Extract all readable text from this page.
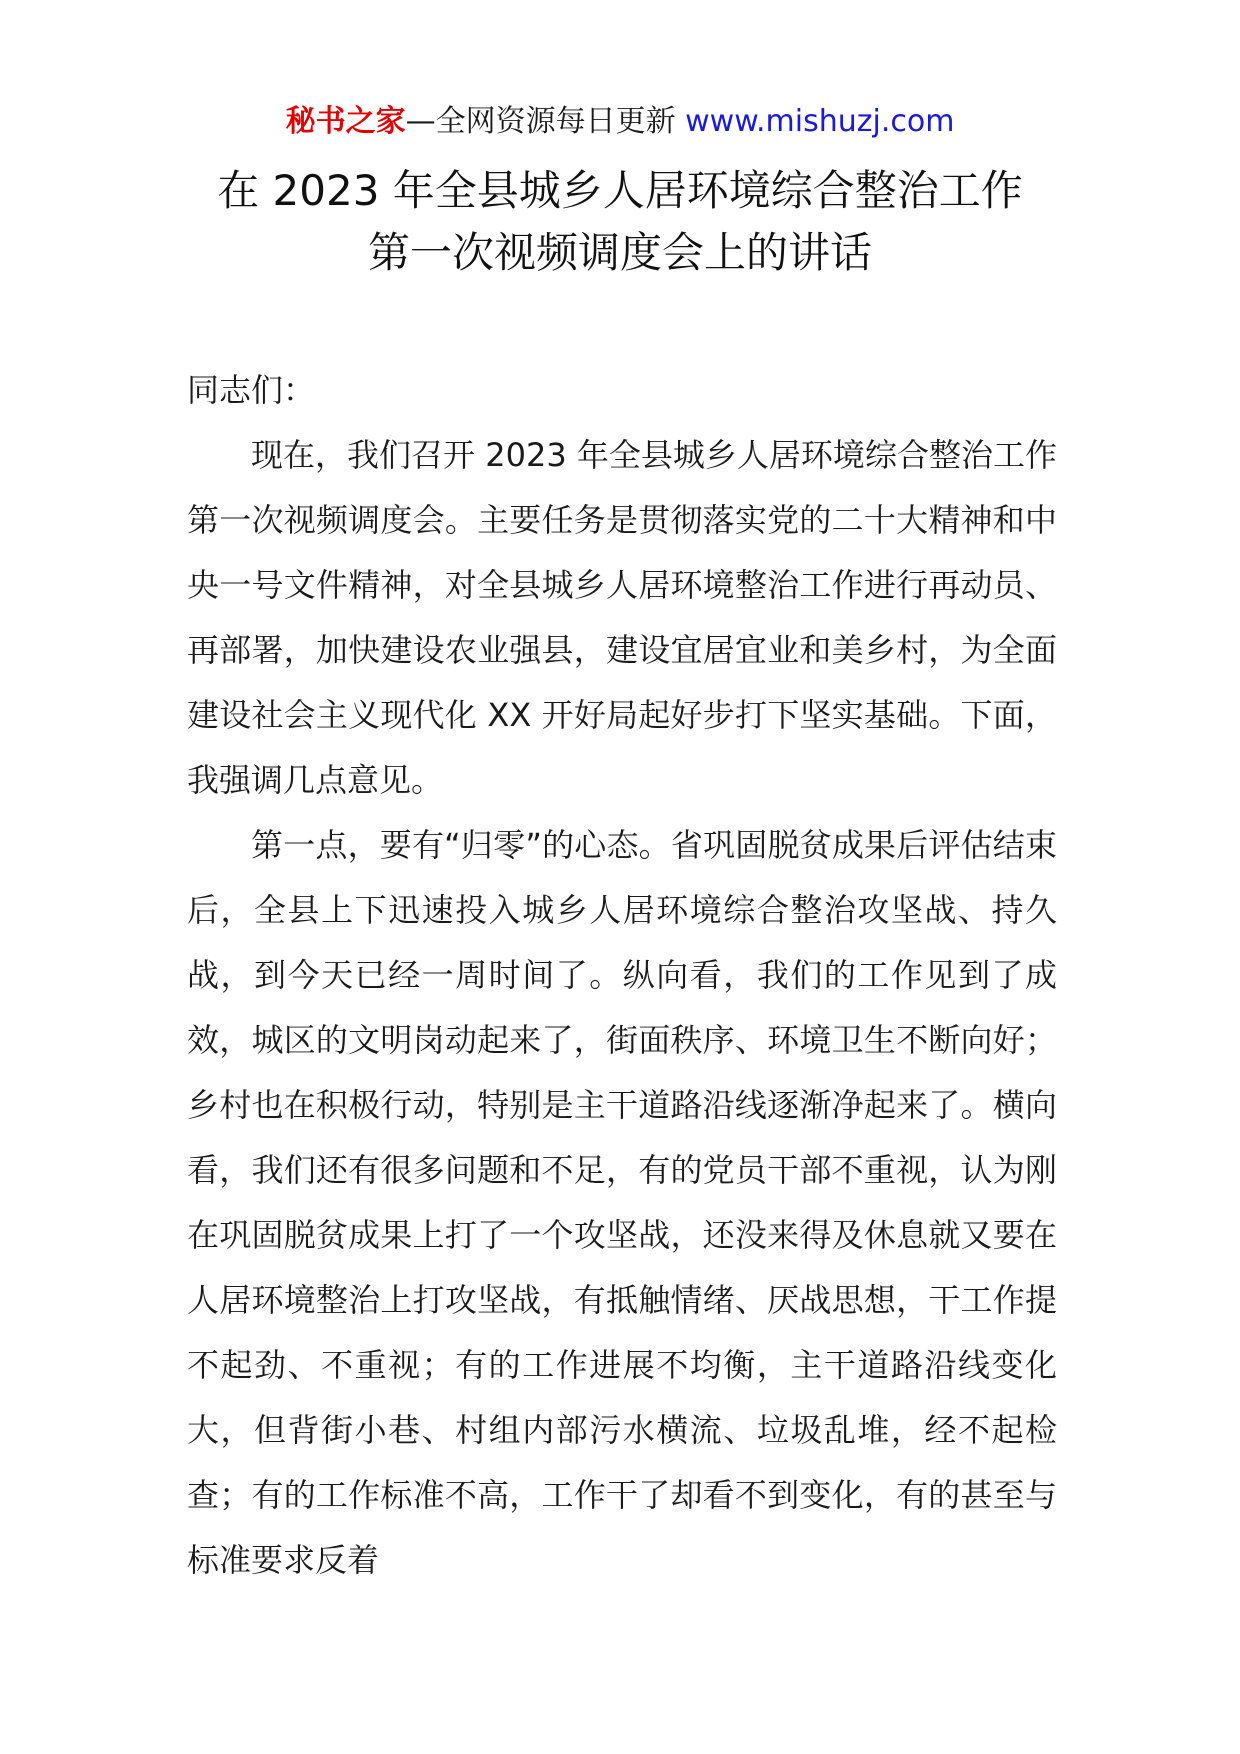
秘书之家—全网资源每日更新 www.mishuzj.com
在 2023 年全县城乡人居环境综合整治工作
第一次视频调度会上的讲话

同志们：

现在，我们召开 2023 年全县城乡人居环境综合整治工作第一次视频调度会。主要任务是贯彻落实党的二十大精神和中央一号文件精神，对全县城乡人居环境整治工作进行再动员、再部署，加快建设农业强县，建设宜居宜业和美乡村，为全面建设社会主义现代化 XX 开好局起好步打下坚实基础。下面，我强调几点意见。

第一点，要有“归零”的心态。省巩固脱贫成果后评估结束后，全县上下迅速投入城乡人居环境综合整治攻坚战、持久战，到今天已经一周时间了。纵向看，我们的工作见到了成效，城区的文明岗动起来了，街面秩序、环境卫生不断向好；乡村也在积极行动，特别是主干道路沿线逐渐净起来了。横向看，我们还有很多问题和不足，有的党员干部不重视，认为刚在巩固脱贫成果上打了一个攻坚战，还没来得及休息就又要在人居环境整治上打攻坚战，有抵触情绪、厌战思想，干工作提不起劲、不重视；有的工作进展不均衡，主干道路沿线变化大，但背街小巷、村组内部污水横流、垃圾乱堆，经不起检查；有的工作标准不高，工作干了却看不到变化，有的甚至与标准要求反着
